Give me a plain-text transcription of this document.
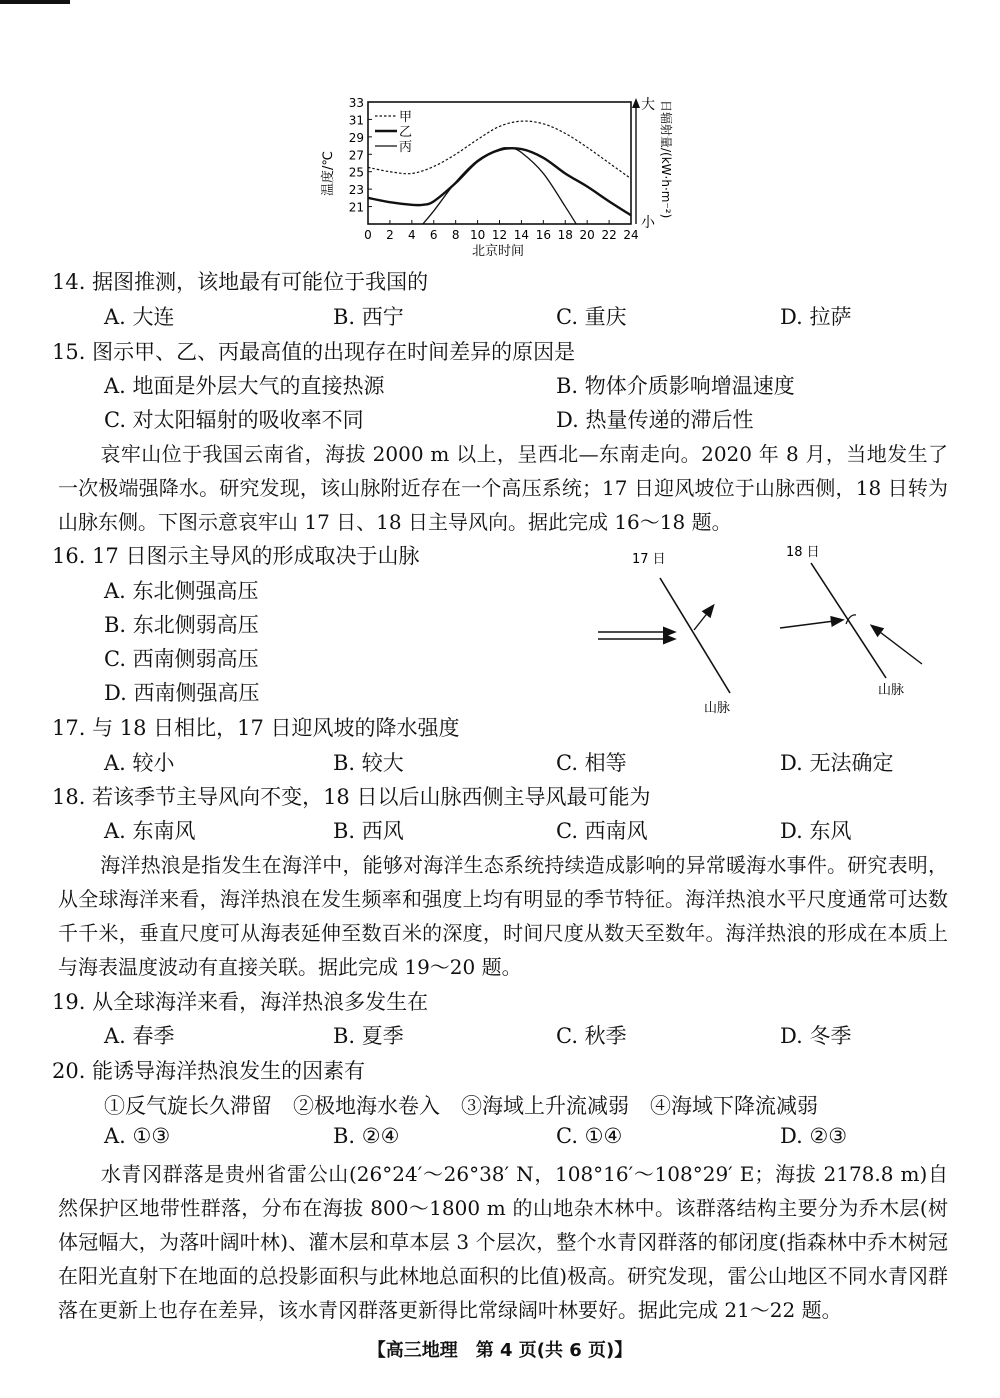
0 2 4 6 8 10 12 14 16 18 20 22 24
33
31
29
27
25
23
21
大
小
日辐射量/(kW·h·m⁻²)
温度/℃
北京时间
甲
乙
丙
14. 据图推测，该地最有可能位于我国的
A. 大连	B. 西宁	C. 重庆	D. 拉萨
15. 图示甲、乙、丙最高值的出现存在时间差异的原因是
A. 地面是外层大气的直接热源	B. 物体介质影响增温速度
C. 对太阳辐射的吸收率不同	D. 热量传递的滞后性
哀牢山位于我国云南省，海拔 2000 m 以上，呈西北—东南走向。2020 年 8 月，当地发生了一次极端强降水。研究发现，该山脉附近存在一个高压系统；17 日迎风坡位于山脉西侧，18 日转为山脉东侧。下图示意哀牢山 17 日、18 日主导风向。据此完成 16～18 题。
16. 17 日图示主导风的形成取决于山脉
A. 东北侧强高压
B. 东北侧弱高压
C. 西南侧弱高压
D. 西南侧强高压
17 日
山脉
18 日
山脉
17. 与 18 日相比，17 日迎风坡的降水强度
A. 较小	B. 较大	C. 相等	D. 无法确定
18. 若该季节主导风向不变，18 日以后山脉西侧主导风最可能为
A. 东南风	B. 西风	C. 西南风	D. 东风
海洋热浪是指发生在海洋中，能够对海洋生态系统持续造成影响的异常暖海水事件。研究表明，从全球海洋来看，海洋热浪在发生频率和强度上均有明显的季节特征。海洋热浪水平尺度通常可达数千千米，垂直尺度可从海表延伸至数百米的深度，时间尺度从数天至数年。海洋热浪的形成在本质上与海表温度波动有直接关联。据此完成 19～20 题。
19. 从全球海洋来看，海洋热浪多发生在
A. 春季	B. 夏季	C. 秋季	D. 冬季
20. 能诱导海洋热浪发生的因素有
①反气旋长久滞留　②极地海水卷入　③海域上升流减弱　④海域下降流减弱
A. ①③	B. ②④	C. ①④	D. ②③
水青冈群落是贵州省雷公山(26°24′～26°38′ N，108°16′～108°29′ E；海拔 2178.8 m)自然保护区地带性群落，分布在海拔 800～1800 m 的山地杂木林中。该群落结构主要分为乔木层(树体冠幅大，为落叶阔叶林)、灌木层和草本层 3 个层次，整个水青冈群落的郁闭度(指森林中乔木树冠在阳光直射下在地面的总投影面积与此林地总面积的比值)极高。研究发现，雷公山地区不同水青冈群落在更新上也存在差异，该水青冈群落更新得比常绿阔叶林要好。据此完成 21～22 题。
【高三地理　第 4 页(共 6 页)】
